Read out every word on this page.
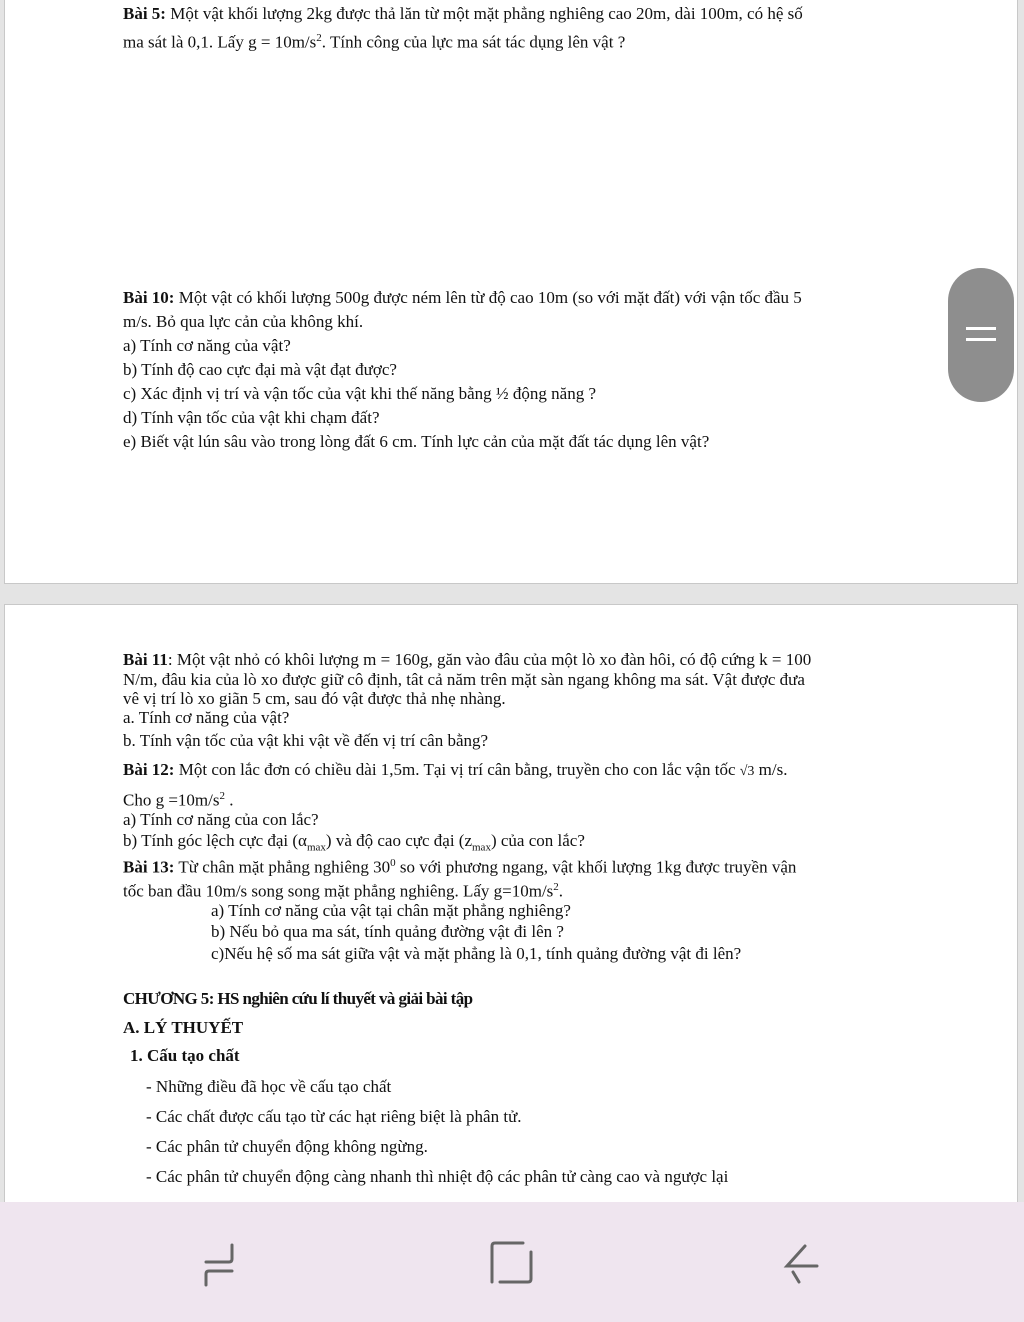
Bài 5: Một vật khối lượng 2kg được thả lăn từ một mặt phẳng nghiêng cao 20m, dài 100m, có hệ số
ma sát là 0,1. Lấy $g = 10m/s^2$. Tính công của lực ma sát tác dụng lên vật ?
Bài 10: Một vật có khối lượng 500g được ném lên từ độ cao 10m (so với mặt đất) với vận tốc đầu 5
m/s. Bỏ qua lực cản của không khí.
a) Tính cơ năng của vật?
b) Tính độ cao cực đại mà vật đạt được?
c) Xác định vị trí và vận tốc của vật khi thế năng bằng ½ động năng ?
d) Tính vận tốc của vật khi chạm đất?
e) Biết vật lún sâu vào trong lòng đất 6 cm. Tính lực cản của mặt đất tác dụng lên vật?
Bài 11: Một vật nhỏ có khôi lượng m = 160g, găn vào đâu của một lò xo đàn hôi, có độ cứng k = 100
N/m, đâu kia của lò xo được giữ cô định, tât cả năm trên mặt sàn ngang không ma sát. Vật được đưa
vê vị trí lò xo giãn 5 cm, sau đó vật được thả nhẹ nhàng.
a. Tính cơ năng của vật?
b. Tính vận tốc của vật khi vật về đến vị trí cân bằng?
Bài 12: Một con lắc đơn có chiều dài 1,5m. Tại vị trí cân bằng, truyền cho con lắc vận tốc √3 m/s.
Cho $g =10m/s^2$ .
a) Tính cơ năng của con lắc?
b) Tính góc lệch cực đại $(\alpha_{max})$ và độ cao cực đại $(z_{max})$ của con lắc?
Bài 13: Từ chân mặt phẳng nghiêng $30^0$ so với phương ngang, vật khối lượng 1kg được truyền vận
tốc ban đầu 10m/s song song mặt phẳng nghiêng. Lấy $g=10m/s^2$.
a) Tính cơ năng của vật tại chân mặt phẳng nghiêng?
b) Nếu bỏ qua ma sát, tính quảng đường vật đi lên ?
c)Nếu hệ số ma sát giữa vật và mặt phẳng là 0,1, tính quảng đường vật đi lên?
CHƯƠNG 5: HS nghiên cứu lí thuyết và giải bài tập
A. LÝ THUYẾT
1. Cấu tạo chất
- Những điều đã học về cấu tạo chất
- Các chất được cấu tạo từ các hạt riêng biệt là phân tử.
- Các phân tử chuyển động không ngừng.
- Các phân tử chuyển động càng nhanh thì nhiệt độ các phân tử càng cao và ngược lại
